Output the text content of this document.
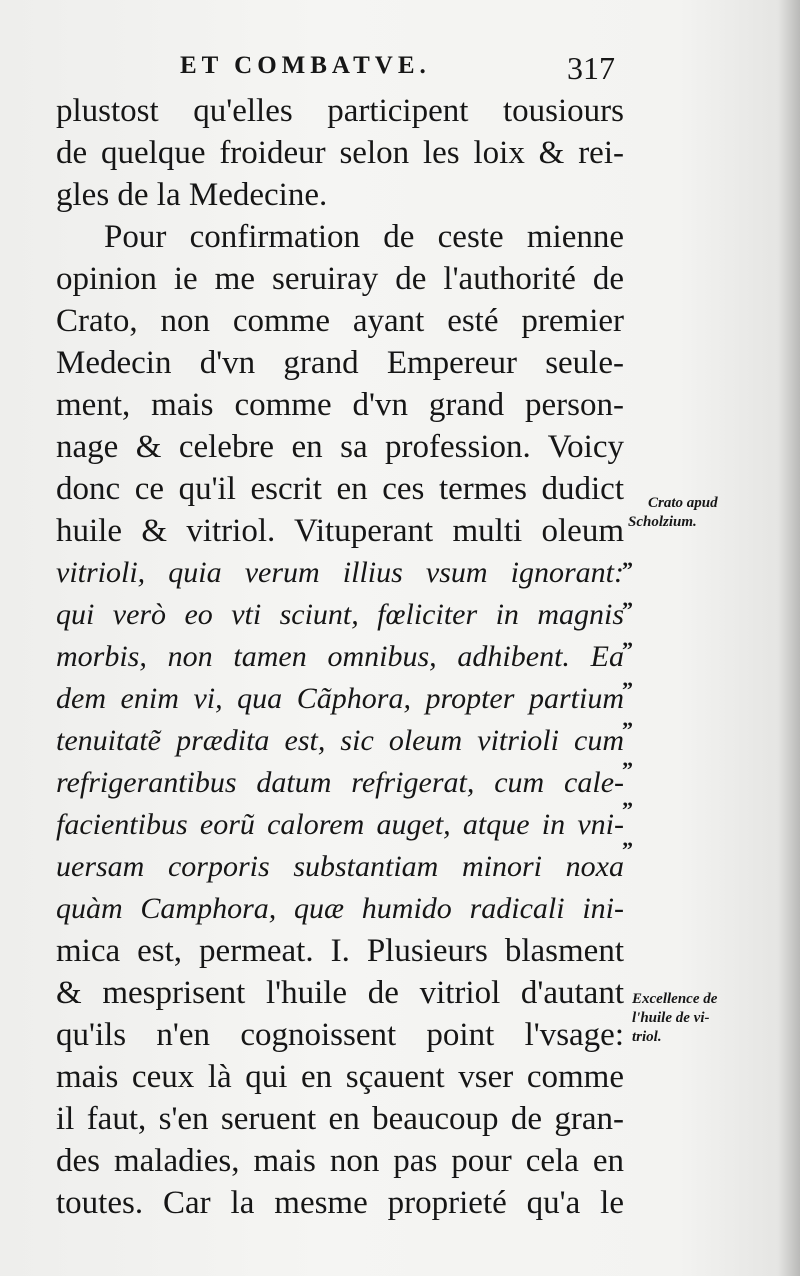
ET COMBATVE.	317
plustost qu'elles participent tousiours
de quelque froideur selon les loix & rei-
gles de la Medecine.
Pour confirmation de ceste mienne
opinion ie me seruiray de l'authorité de
Crato, non comme ayant esté premier
Medecin d'vn grand Empereur seule-
ment, mais comme d'vn grand person-
nage & celebre en sa profession. Voicy
donc ce qu'il escrit en ces termes dudict
huile & vitriol. Vituperant multi oleum
vitrioli, quia verum illius vsum ignorant:
qui verò eo vti sciunt, fœliciter in magnis
morbis, non tamen omnibus, adhibent. Ea
dem enim vi, qua Cãphora, propter partium
tenuitatẽ prædita est, sic oleum vitrioli cum
refrigerantibus datum refrigerat, cum cale-
facientibus eorũ calorem auget, atque in vni-
uersam corporis substantiam minori noxa
quàm Camphora, quæ humido radicali ini-
mica est, permeat. I. Plusieurs blasment
& mesprisent l'huile de vitriol d'autant
qu'ils n'en cognoissent point l'vsage:
mais ceux là qui en sçauent vser comme
il faut, s'en seruent en beaucoup de gran-
des maladies, mais non pas pour cela en
toutes. Car la mesme proprieté qu'a le
Crato apud
Scholzium.
”
”
”
”
”
”
”
”
Excellence de
l'huile de vi-
triol.
